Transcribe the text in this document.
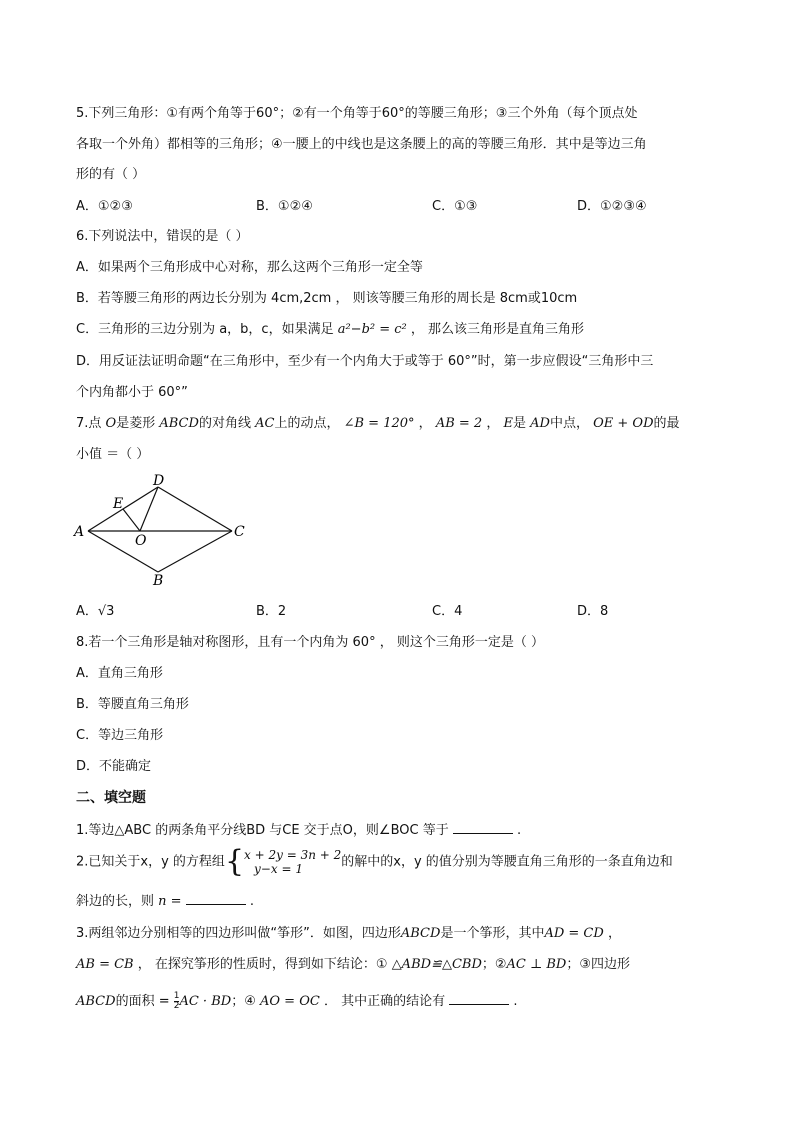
5.下列三角形：①有两个角等于60°；②有一个角等于60°的等腰三角形；③三个外角（每个顶点处
各取一个外角）都相等的三角形；④一腰上的中线也是这条腰上的高的等腰三角形．其中是等边三角
形的有（ ）
A．①②③	B．①②④	C．①③	D．①②③④
6.下列说法中，错误的是（ ）
A．如果两个三角形成中心对称，那么这两个三角形一定全等
B．若等腰三角形的两边长分别为 4cm,2cm ， 则该等腰三角形的周长是 8cm或10cm
C．三角形的三边分别为 a，b，c，如果满足 a²−b² = c² ， 那么该三角形是直角三角形
D．用反证法证明命题“在三角形中，至少有一个内角大于或等于 60°”时，第一步应假设“三角形中三
个内角都小于 60°”
7.点 O是菱形 ABCD的对角线 AC上的动点， ∠B = 120° ， AB = 2 ， E是 AD中点， OE + OD的最
小值 ＝（ ）
A
D
C
B
E
O
A．√3	B．2	C．4	D．8
8.若一个三角形是轴对称图形，且有一个内角为 60° ， 则这个三角形一定是（ ）
A．直角三角形
B．等腰直角三角形
C．等边三角形
D．不能确定
二、填空题
1.等边△ABC 的两条角平分线BD 与CE 交于点O，则∠BOC 等于	.
2.已知关于x，y 的方程组{ x + 2y = 3n + 2
y−x = 1	的解中的x，y 的值分别为等腰直角三角形的一条直角边和
斜边的长，则 n =	.
3.两组邻边分别相等的四边形叫做“筝形”．如图，四边形ABCD是一个筝形，其中AD = CD ，
AB = CB ， 在探究筝形的性质时，得到如下结论：① △ABD≌△CBD；②AC ⊥ BD；③四边形
ABCD的面积 = $\frac{1}{2}$ AC · BD；④ AO = OC ． 其中正确的结论有	.
